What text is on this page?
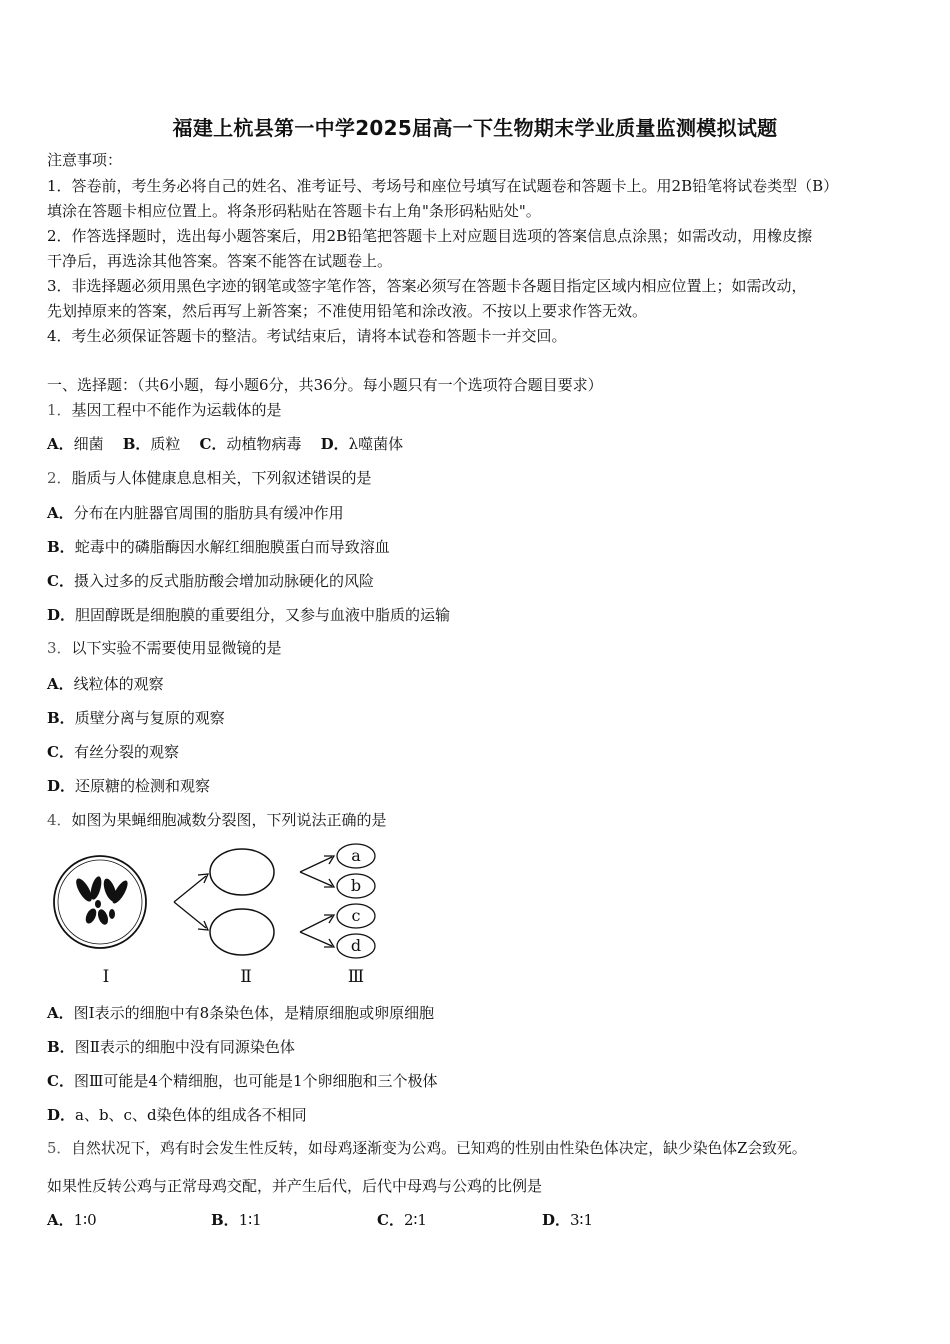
福建上杭县第一中学2025届高一下生物期末学业质量监测模拟试题
注意事项：
1．答卷前，考生务必将自己的姓名、准考证号、考场号和座位号填写在试题卷和答题卡上。用2B铅笔将试卷类型（B）
填涂在答题卡相应位置上。将条形码粘贴在答题卡右上角"条形码粘贴处"。
2．作答选择题时，选出每小题答案后，用2B铅笔把答题卡上对应题目选项的答案信息点涂黑；如需改动，用橡皮擦
干净后，再选涂其他答案。答案不能答在试题卷上。
3．非选择题必须用黑色字迹的钢笔或签字笔作答，答案必须写在答题卡各题目指定区域内相应位置上；如需改动，
先划掉原来的答案，然后再写上新答案；不准使用铅笔和涂改液。不按以上要求作答无效。
4．考生必须保证答题卡的整洁。考试结束后，请将本试卷和答题卡一并交回。
一、选择题：（共6小题，每小题6分，共36分。每小题只有一个选项符合题目要求）
1．基因工程中不能作为运载体的是
A．细菌 B．质粒 C．动植物病毒 D．λ噬菌体
2．脂质与人体健康息息相关，下列叙述错误的是
A．分布在内脏器官周围的脂肪具有缓冲作用
B．蛇毒中的磷脂酶因水解红细胞膜蛋白而导致溶血
C．摄入过多的反式脂肪酸会增加动脉硬化的风险
D．胆固醇既是细胞膜的重要组分，又参与血液中脂质的运输
3．以下实验不需要使用显微镜的是
A．线粒体的观察
B．质壁分离与复原的观察
C．有丝分裂的观察
D．还原糖的检测和观察
4．如图为果蝇细胞减数分裂图，下列说法正确的是
a
b
c
d
Ⅰ	Ⅱ	Ⅲ
A．图Ⅰ表示的细胞中有8条染色体，是精原细胞或卵原细胞
B．图Ⅱ表示的细胞中没有同源染色体
C．图Ⅲ可能是4个精细胞，也可能是1个卵细胞和三个极体
D．a、b、c、d染色体的组成各不相同
5．自然状况下，鸡有时会发生性反转，如母鸡逐渐变为公鸡。已知鸡的性别由性染色体决定，缺少染色体Z会致死。
如果性反转公鸡与正常母鸡交配，并产生后代，后代中母鸡与公鸡的比例是
A．1∶0	B．1∶1	C．2∶1	D．3∶1
